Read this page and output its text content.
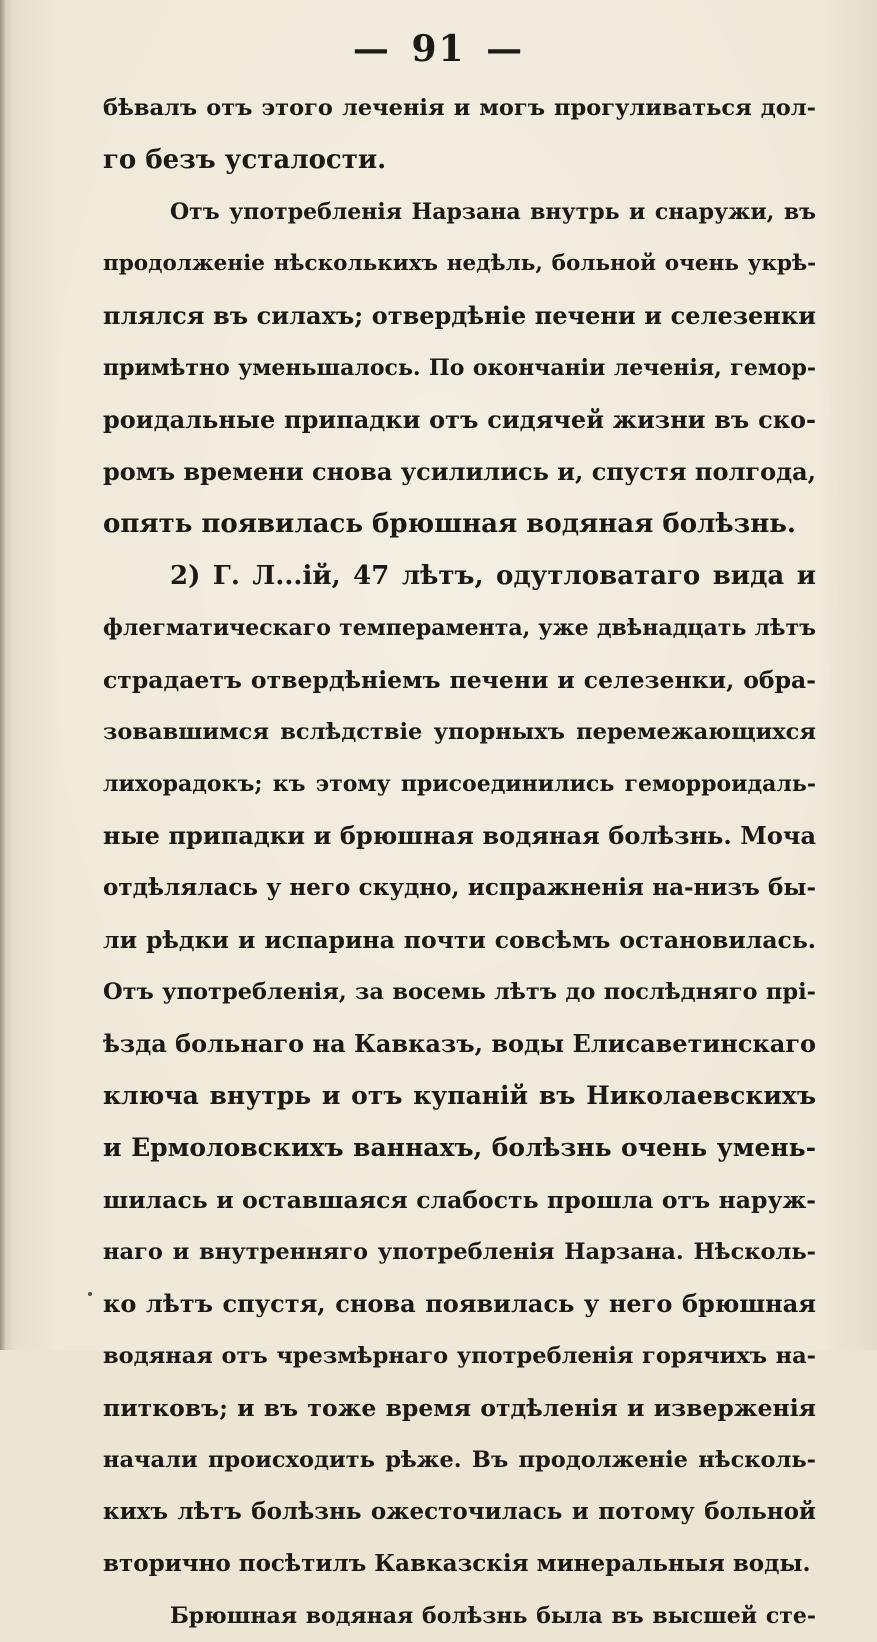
— 91 —
бѣвалъ отъ этого леченія и могъ прогуливаться дол-
го безъ усталости.
Отъ употребленія Нарзана внутрь и снаружи, въ
продолженіе нѣсколькихъ недѣль, больной очень укрѣ-
плялся въ силахъ; отвердѣніе печени и селезенки
примѣтно уменьшалось. По окончаніи леченія, гемор-
роидальные припадки отъ сидячей жизни въ ско-
ромъ времени снова усилились и, спустя полгода,
опять появилась брюшная водяная болѣзнь.
2) Г. Л...ій, 47 лѣтъ, одутловатаго вида и
флегматическаго темперамента, уже двѣнадцать лѣтъ
страдаетъ отвердѣніемъ печени и селезенки, обра-
зовавшимся вслѣдствіе упорныхъ перемежающихся
лихорадокъ; къ этому присоединились геморроидаль-
ные припадки и брюшная водяная болѣзнь. Моча
отдѣлялась у него скудно, испражненія на-низъ бы-
ли рѣдки и испарина почти совсѣмъ остановилась.
Отъ употребленія, за восемь лѣтъ до послѣдняго прі-
ѣзда больнаго на Кавказъ, воды Елисаветинскаго
ключа внутрь и отъ купаній въ Николаевскихъ
и Ермоловскихъ ваннахъ, болѣзнь очень умень-
шилась и оставшаяся слабость прошла отъ наруж-
наго и внутренняго употребленія Нарзана. Нѣсколь-
ко лѣтъ спустя, снова появилась у него брюшная
водяная отъ чрезмѣрнаго употребленія горячихъ на-
питковъ; и въ тоже время отдѣленія и изверженія
начали происходить рѣже. Въ продолженіе нѣсколь-
кихъ лѣтъ болѣзнь ожесточилась и потому больной
вторично посѣтилъ Кавказскія минеральныя воды.
Брюшная водяная болѣзнь была въ высшей сте-
